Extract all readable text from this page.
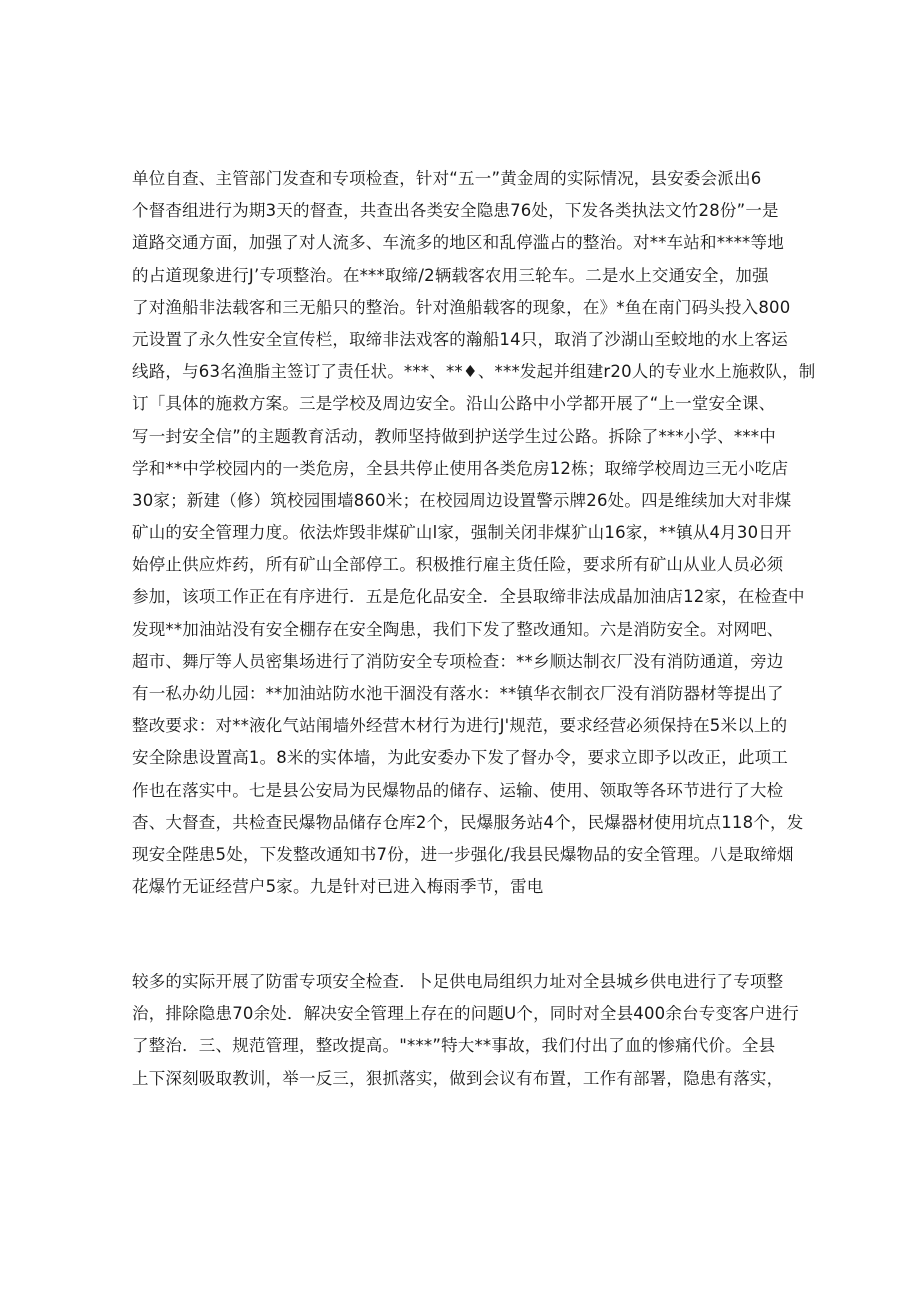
单位自查、主管部门发查和专项检查，针对“五一”黄金周的实际情况，县安委会派出6
个督杳组进行为期3天的督查，共查出各类安全隐患76处，下发各类执法文竹28份”一是
道路交通方面，加强了对人流多、车流多的地区和乱停滥占的整治。对**车站和****等地
的占道现象进行J’专项整治。在***取缔/2辆载客农用三轮车。二是水上交通安全，加强
了对渔船非法载客和三无船只的整治。针对渔船载客的现象，在》*鱼在南门码头投入800
元设置了永久性安全宣传栏，取缔非法戏客的瀚船14只，取消了沙湖山至蛟地的水上客运
线路，与63名渔脂主签订了责任状。***、**♦、***发起并组建r20人的专业水上施救队，制
订「具体的施救方案。三是学校及周边安全。沿山公路中小学都开展了“上一堂安全课、
写一封安全信”的主题教育活动，教师坚持做到护送学生过公路。拆除了***小学、***中
学和**中学校园内的一类危房，全县共停止使用各类危房12栋；取缔学校周边三无小吃店
30家；新建（修）筑校园围墙860米；在校园周边设置警示牌26处。四是维续加大对非煤
矿山的安全管理力度。依法炸毁非煤矿山l家，强制关闭非煤犷山16家，**镇从4月30日开
始停止供应炸药，所有矿山全部停工。积极推行雇主货任险，要求所有矿山从业人员必须
参加，该项工作正在有序进行．五是危化品安全．全县取缔非法成晶加油店12家，在检查中
发现**加油站没有安全棚存在安全陶患，我们下发了整改通知。六是消防安全。对网吧、
超市、舞厅等人员密集场进行了消防安全专项检查：**乡顺达制衣厂没有消防通道，旁边
有一私办幼儿园：**加油站防水池干涸没有落水：**镇华衣制衣厂没有消防器材等提出了
整改要求：对**液化气站闱墙外经营木材行为进行J'规范，要求经营必须保持在5米以上的
安全除患设置高1。8米的实体墙，为此安委办下发了督办令，要求立即予以改正，此项工
作也在落实中。七是县公安局为民爆物品的储存、运输、使用、领取等各环节进行了大检
杳、大督查，共检查民爆物品储存仓库2个，民爆服务站4个，民爆器材使用坑点118个，发
现安全陛患5处，下发整改通知书7份，进一步强化/我县民爆物品的安全管理。八是取缔烟
花爆竹无证经营户5家。九是针对已进入梅雨季节，雷电
较多的实际开展了防雷专项安全检查．卜足供电局组织力址对全县城乡供电进行了专项整
治，排除隐患70余处．解决安全管理上存在的问题U个，同时对全县400余台专变客户进行
了整治．三、规范管理，整改提高。"***”特大**事故，我们付出了血的惨痛代价。全县
上下深刻吸取教训，举一反三，狠抓落实，做到会议有布置，工作有部署，隐患有落实，
